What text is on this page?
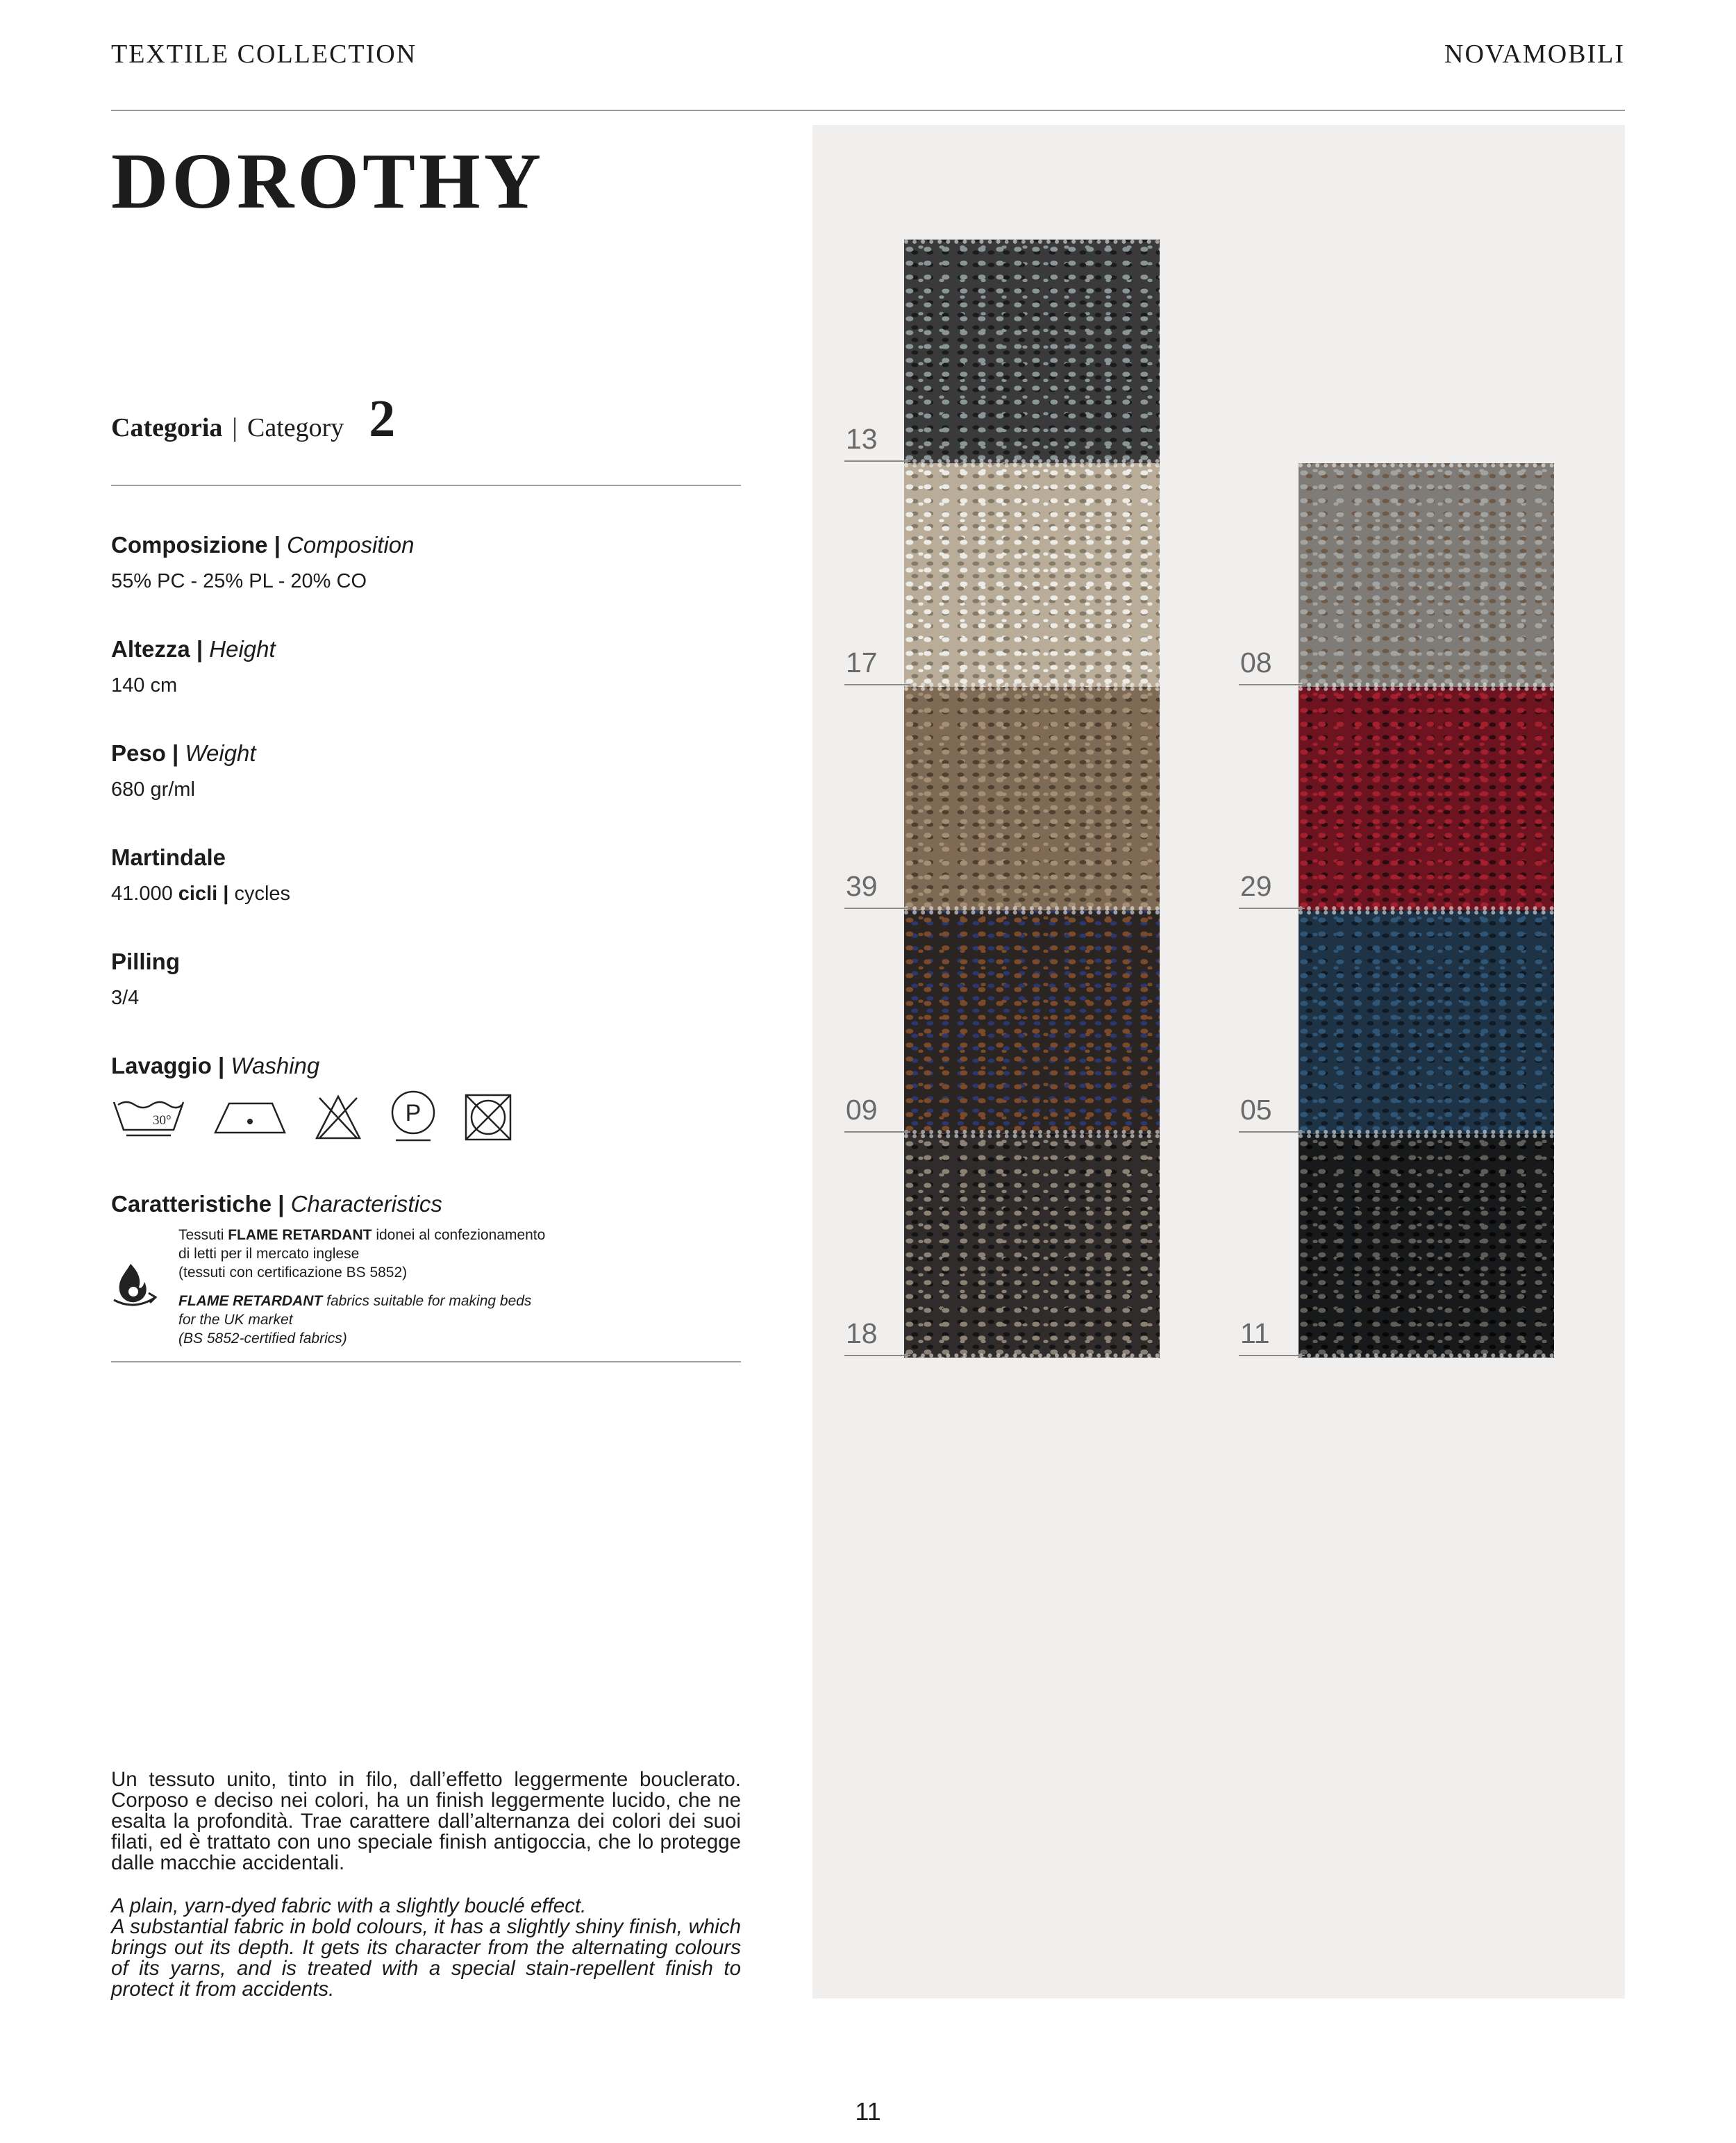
TEXTILE COLLECTION	NOVAMOBILI
DOROTHY
Categoria | Category 2
Composizione | Composition
55% PC - 25% PL - 20% CO
Altezza | Height
140 cm
Peso | Weight
680 gr/ml
Martindale
41.000 cicli | cycles
Pilling
3/4
Lavaggio | Washing
30°	P
Caratteristiche | Characteristics

Tessuti FLAME RETARDANT idonei al confezionamento

di letti per il mercato inglese

(tessuti con certificazione BS 5852)

FLAME RETARDANT fabrics suitable for making beds

for the UK market

(BS 5852-certified fabrics)

Un tessuto unito, tinto in filo, dall’effetto leggermente bouclerato. Corposo e deciso nei colori, ha un finish leggermente lucido, che ne esalta la profondità. Trae carattere dall’alternanza dei colori dei suoi filati, ed è trattato con uno speciale finish antigoccia, che lo protegge dalle macchie accidentali.

A plain, yarn-dyed fabric with a slightly bouclé effect.

A substantial fabric in bold colours, it has a slightly shiny finish, which brings out its depth. It gets its character from the alternating colours of its yarns, and is treated with a special stain-repellent finish to protect it from accidents.

13
17
39
09
18
08
29
05
11
11
